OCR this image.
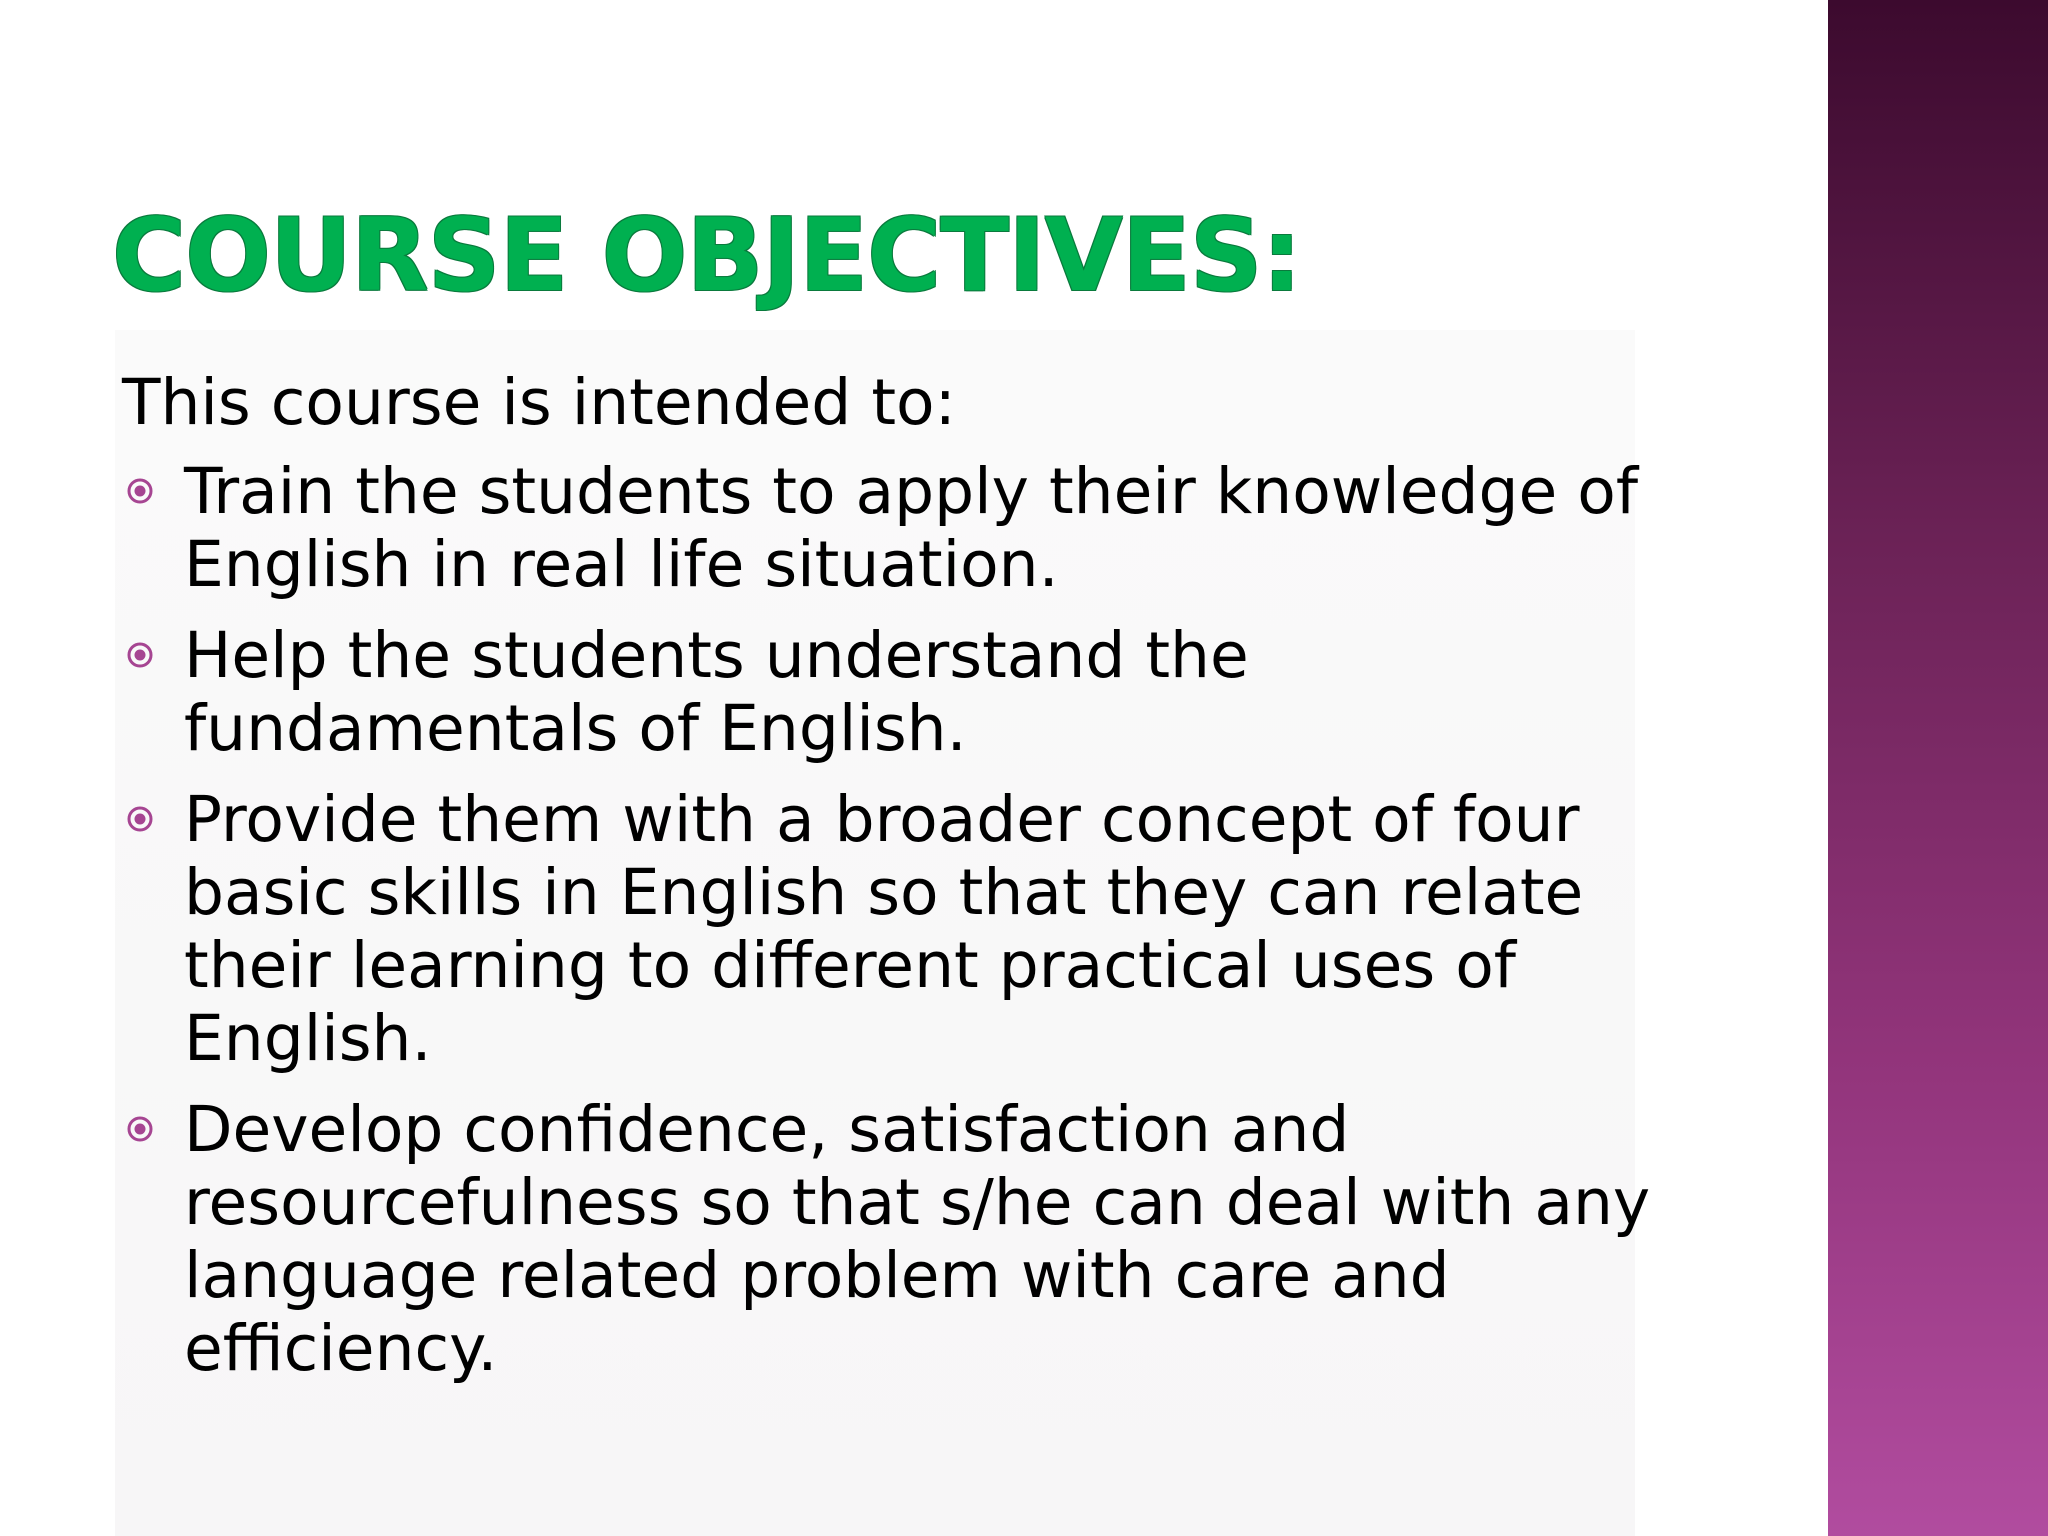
COURSE OBJECTIVES:

This course is intended to:

Train the students to apply their knowledge of English in real life situation.
Help the students understand the fundamentals of English.
Provide them with a broader concept of four basic skills in English so that they can relate their learning to different practical uses of English.
Develop confidence, satisfaction and resourcefulness so that s/he can deal with any language related problem with care and efficiency.
